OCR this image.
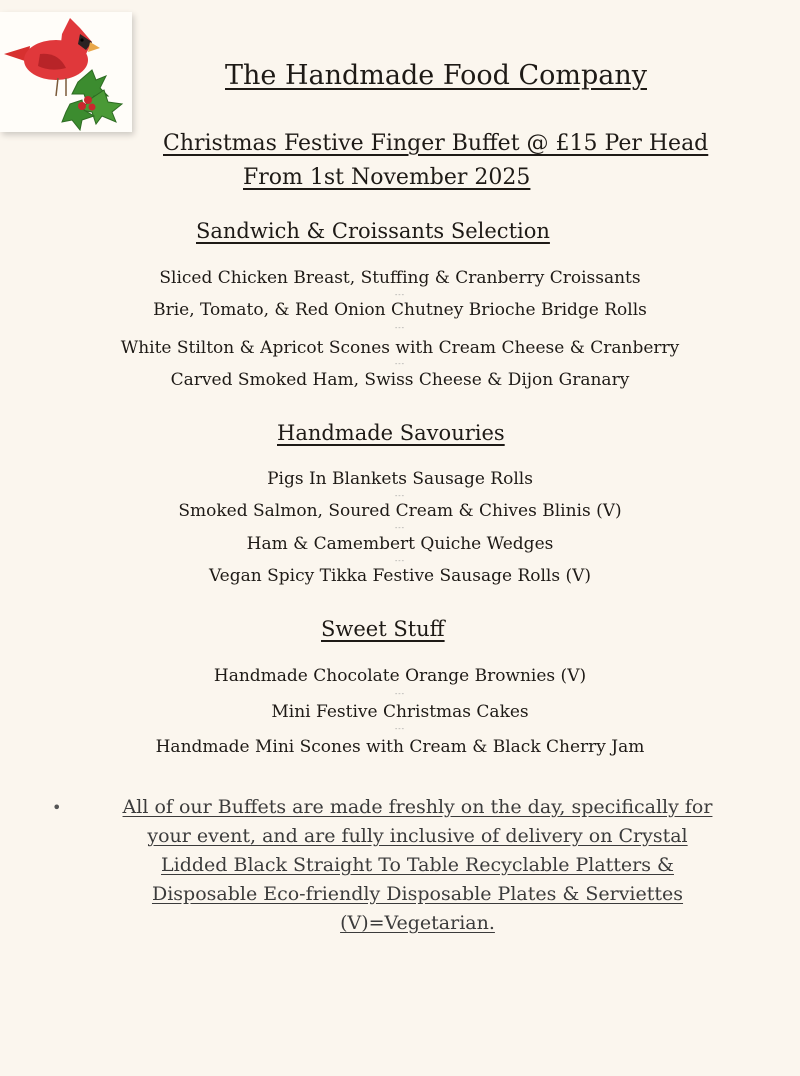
The Handmade Food Company
Christmas Festive Finger Buffet @ £15 Per Head
From 1st November 2025
Sandwich & Croissants Selection
Sliced Chicken Breast, Stuffing & Cranberry Croissants
---
Brie, Tomato, & Red Onion Chutney Brioche Bridge Rolls
---
White Stilton & Apricot Scones with Cream Cheese & Cranberry
---
Carved Smoked Ham, Swiss Cheese & Dijon Granary
Handmade Savouries
Pigs In Blankets Sausage Rolls
---
Smoked Salmon, Soured Cream & Chives Blinis (V)
---
Ham & Camembert Quiche Wedges
---
Vegan Spicy Tikka Festive Sausage Rolls (V)
Sweet Stuff
Handmade Chocolate Orange Brownies (V)
---
Mini Festive Christmas Cakes
---
Handmade Mini Scones with Cream & Black Cherry Jam
•	All of our Buffets are made freshly on the day, specifically for
your event, and are fully inclusive of delivery on Crystal
Lidded Black Straight To Table Recyclable Platters &
Disposable Eco-friendly Disposable Plates & Serviettes
(V)=Vegetarian.
